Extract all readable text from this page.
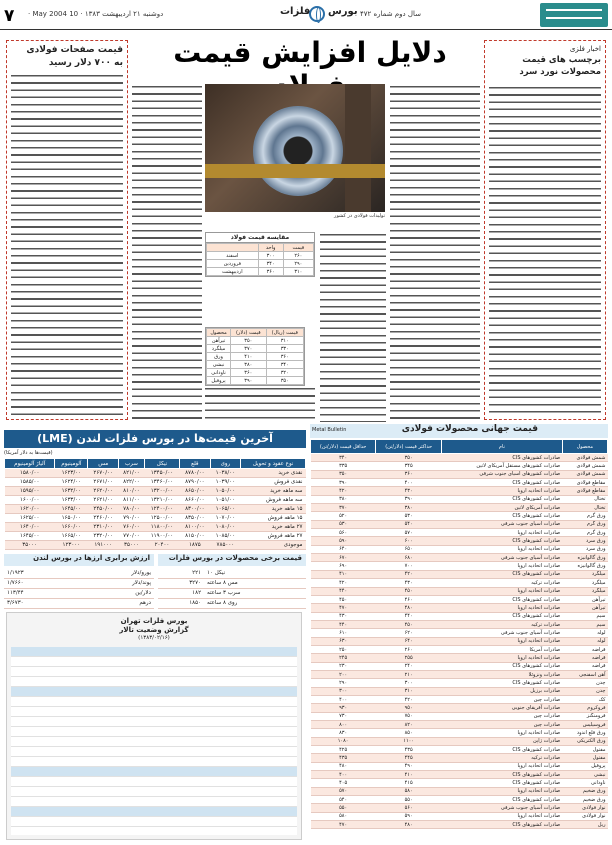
۷ دوشنبه ۲۱ اردیبهشت ۱۳۸۳ · 10 May 2004 ·	فلزات بورس سال دوم شماره ۴۷۲
دلایل افزایش قیمت
قیمت صفحات فولادی
به ۷۰۰ دلار رسید
اخبار فلزی
برچسب های قیمت
محصولات نورد سرد
تولیدات فولادی در کشور
مقایسه قیمت فولاد
قیمت	واحد	
۲۶۰	۳۰۰	اسفند
۲۹۰	۳۴۰	فروردین
۳۱۰	۳۶۰	اردیبهشت
قیمت (ریال)	قیمت (دلار)	محصول
۳۱۰	۳۵۰	تیرآهن
۳۳۰	۳۷۰	میلگرد
۳۶۰	۴۱۰	ورق
۳۴۰	۳۸۰	نبشی
۳۲۰	۳۶۰	ناودانی
۳۵۰	۳۹۰	پروفیل
آخرین قیمت‌ها در بورس فلزات لندن (LME)
(قیمت‌ها به دلار آمریکا)
نوع عقود و تحویل	روی	قلع	نیکل	سرب	مس	آلومینیوم	آلیاژ آلومینیوم
نقدی خرید	۱۰۳۸/۰۰	۸۷۸۰/۰۰	۱۳۴۵۰/۰۰	۸۲۱/۰۰	۲۶۷۰/۰۰	۱۶۲۳/۰۰	۱۵۸۰/۰۰
نقدی فروش	۱۰۳۹/۰۰	۸۷۹۰/۰۰	۱۳۴۶۰/۰۰	۸۲۲/۰۰	۲۶۷۱/۰۰	۱۶۲۴/۰۰	۱۵۸۵/۰۰
سه ماهه خرید	۱۰۵۰/۰۰	۸۶۵۰/۰۰	۱۳۲۰۰/۰۰	۸۱۰/۰۰	۲۶۲۰/۰۰	۱۶۳۲/۰۰	۱۵۹۵/۰۰
سه ماهه فروش	۱۰۵۱/۰۰	۸۶۶۰/۰۰	۱۳۲۱۰/۰۰	۸۱۱/۰۰	۲۶۲۱/۰۰	۱۶۳۳/۰۰	۱۶۰۰/۰۰
۱۵ ماهه خرید	۱۰۶۵/۰۰	۸۳۰۰/۰۰	۱۲۴۰۰/۰۰	۷۸۰/۰۰	۲۴۵۰/۰۰	۱۶۴۵/۰۰	۱۶۲۰/۰۰
۱۵ ماهه فروش	۱۰۷۰/۰۰	۸۳۵۰/۰۰	۱۲۵۰۰/۰۰	۷۹۰/۰۰	۲۴۶۰/۰۰	۱۶۵۰/۰۰	۱۶۲۵/۰۰
۲۷ ماهه خرید	۱۰۸۰/۰۰	۸۱۰۰/۰۰	۱۱۸۰۰/۰۰	۷۶۰/۰۰	۲۳۱۰/۰۰	۱۶۶۰/۰۰	۱۶۴۰/۰۰
۲۷ ماهه فروش	۱۰۸۵/۰۰	۸۱۵۰/۰۰	۱۱۹۰۰/۰۰	۷۷۰/۰۰	۲۳۲۰/۰۰	۱۶۶۵/۰۰	۱۶۴۵/۰۰
موجودی	۷۸۵۰۰۰	۱۸۷۵	۲۰۴۰۰	۳۵۰۰۰	۱۹۱۰۰۰	۱۲۳۰۰۰	۳۵۰۰۰
ارزش برابری ارزها در بورس لندن
یورو/دلار	۱/۱۹۲۳
پوند/دلار	۱/۷۶۶۰
دلار/ین	۱۱۳/۴۴
درهم	۳/۶۷۳۰
قیمت برخی محصولات در بورس فلزات
نیکل ۱۰	۲۲۱
مس ۸ ساعته	۳۲۷۰
سرب ۳ ساعته	۱۸۲
روی ۸ ساعته	۱۸۵۰
بورس فلزات تهران
گزارش وضعیت تالار
(۱۳۸۳/۰۲/۱۶)
قیمت جهانی محصولات فولادی
Metal Bulletin
محصول	نام	حداکثر قیمت (دلار/تن)	حداقل قیمت (دلار/تن)
شمش فولادی	صادرات کشورهای CIS	۳۵۰	۳۴۰
شمش فولادی	صادرات کشورهای مستقل آمریکای لاتین	۳۴۵	۳۳۵
شمش فولادی	صادرات کشورهای آسیای جنوب شرقی	۳۶۰	۳۵۰
مقاطع فولادی	صادرات کشورهای CIS	۴۰۰	۳۹۰
مقاطع فولادی	صادرات اتحادیه اروپا	۴۳۰	۴۲۰
تختال	صادرات کشورهای CIS	۳۹۰	۳۸۰
تختال	صادرات آمریکای لاتین	۳۸۰	۳۷۰
ورق گرم	صادرات کشورهای CIS	۵۳۰	۵۲۰
ورق گرم	صادرات آسیای جنوب شرقی	۵۴۰	۵۳۰
ورق گرم	صادرات اتحادیه اروپا	۵۷۰	۵۶۰
ورق سرد	صادرات کشورهای CIS	۶۰۰	۵۹۰
ورق سرد	صادرات اتحادیه اروپا	۶۵۰	۶۴۰
ورق گالوانیزه	صادرات آسیای جنوب شرقی	۶۸۰	۶۷۰
ورق گالوانیزه	صادرات اتحادیه اروپا	۷۰۰	۶۹۰
میلگرد	صادرات کشورهای CIS	۴۲۰	۴۱۰
میلگرد	صادرات ترکیه	۴۳۰	۴۲۰
میلگرد	صادرات اتحادیه اروپا	۴۵۰	۴۴۰
تیرآهن	صادرات کشورهای CIS	۴۶۰	۴۵۰
تیرآهن	صادرات اتحادیه اروپا	۴۸۰	۴۷۰
سیم	صادرات کشورهای CIS	۴۴۰	۴۳۰
سیم	صادرات ترکیه	۴۵۰	۴۴۰
لوله	صادرات آسیای جنوب شرقی	۶۲۰	۶۱۰
لوله	صادرات اتحادیه اروپا	۶۴۰	۶۳۰
قراضه	صادرات آمریکا	۲۶۰	۲۵۰
قراضه	صادرات اتحادیه اروپا	۲۵۵	۲۴۵
قراضه	صادرات کشورهای CIS	۲۴۰	۲۳۰
آهن اسفنجی	صادرات ونزوئلا	۲۱۰	۲۰۰
چدن	صادرات کشورهای CIS	۳۰۰	۲۹۰
چدن	صادرات برزیل	۳۱۰	۳۰۰
کک	صادرات چین	۴۲۰	۴۰۰
فروکروم	صادرات آفریقای جنوبی	۹۵۰	۹۳۰
فرومنگنز	صادرات چین	۷۵۰	۷۳۰
فروسیلیس	صادرات چین	۸۲۰	۸۰۰
ورق قلع اندود	صادرات اتحادیه اروپا	۸۵۰	۸۳۰
ورق الکتریکی	صادرات ژاپن	۱۱۰۰	۱۰۸۰
مفتول	صادرات کشورهای CIS	۴۳۵	۴۲۵
مفتول	صادرات ترکیه	۴۴۵	۴۳۵
پروفیل	صادرات اتحادیه اروپا	۴۹۰	۴۸۰
نبشی	صادرات کشورهای CIS	۴۱۰	۴۰۰
ناودانی	صادرات کشورهای CIS	۴۱۵	۴۰۵
ورق ضخیم	صادرات اتحادیه اروپا	۵۸۰	۵۷۰
ورق ضخیم	صادرات کشورهای CIS	۵۵۰	۵۴۰
نوار فولادی	صادرات آسیای جنوب شرقی	۵۶۰	۵۵۰
نوار فولادی	صادرات اتحادیه اروپا	۵۹۰	۵۸۰
ریل	صادرات کشورهای CIS	۴۸۰	۴۷۰
